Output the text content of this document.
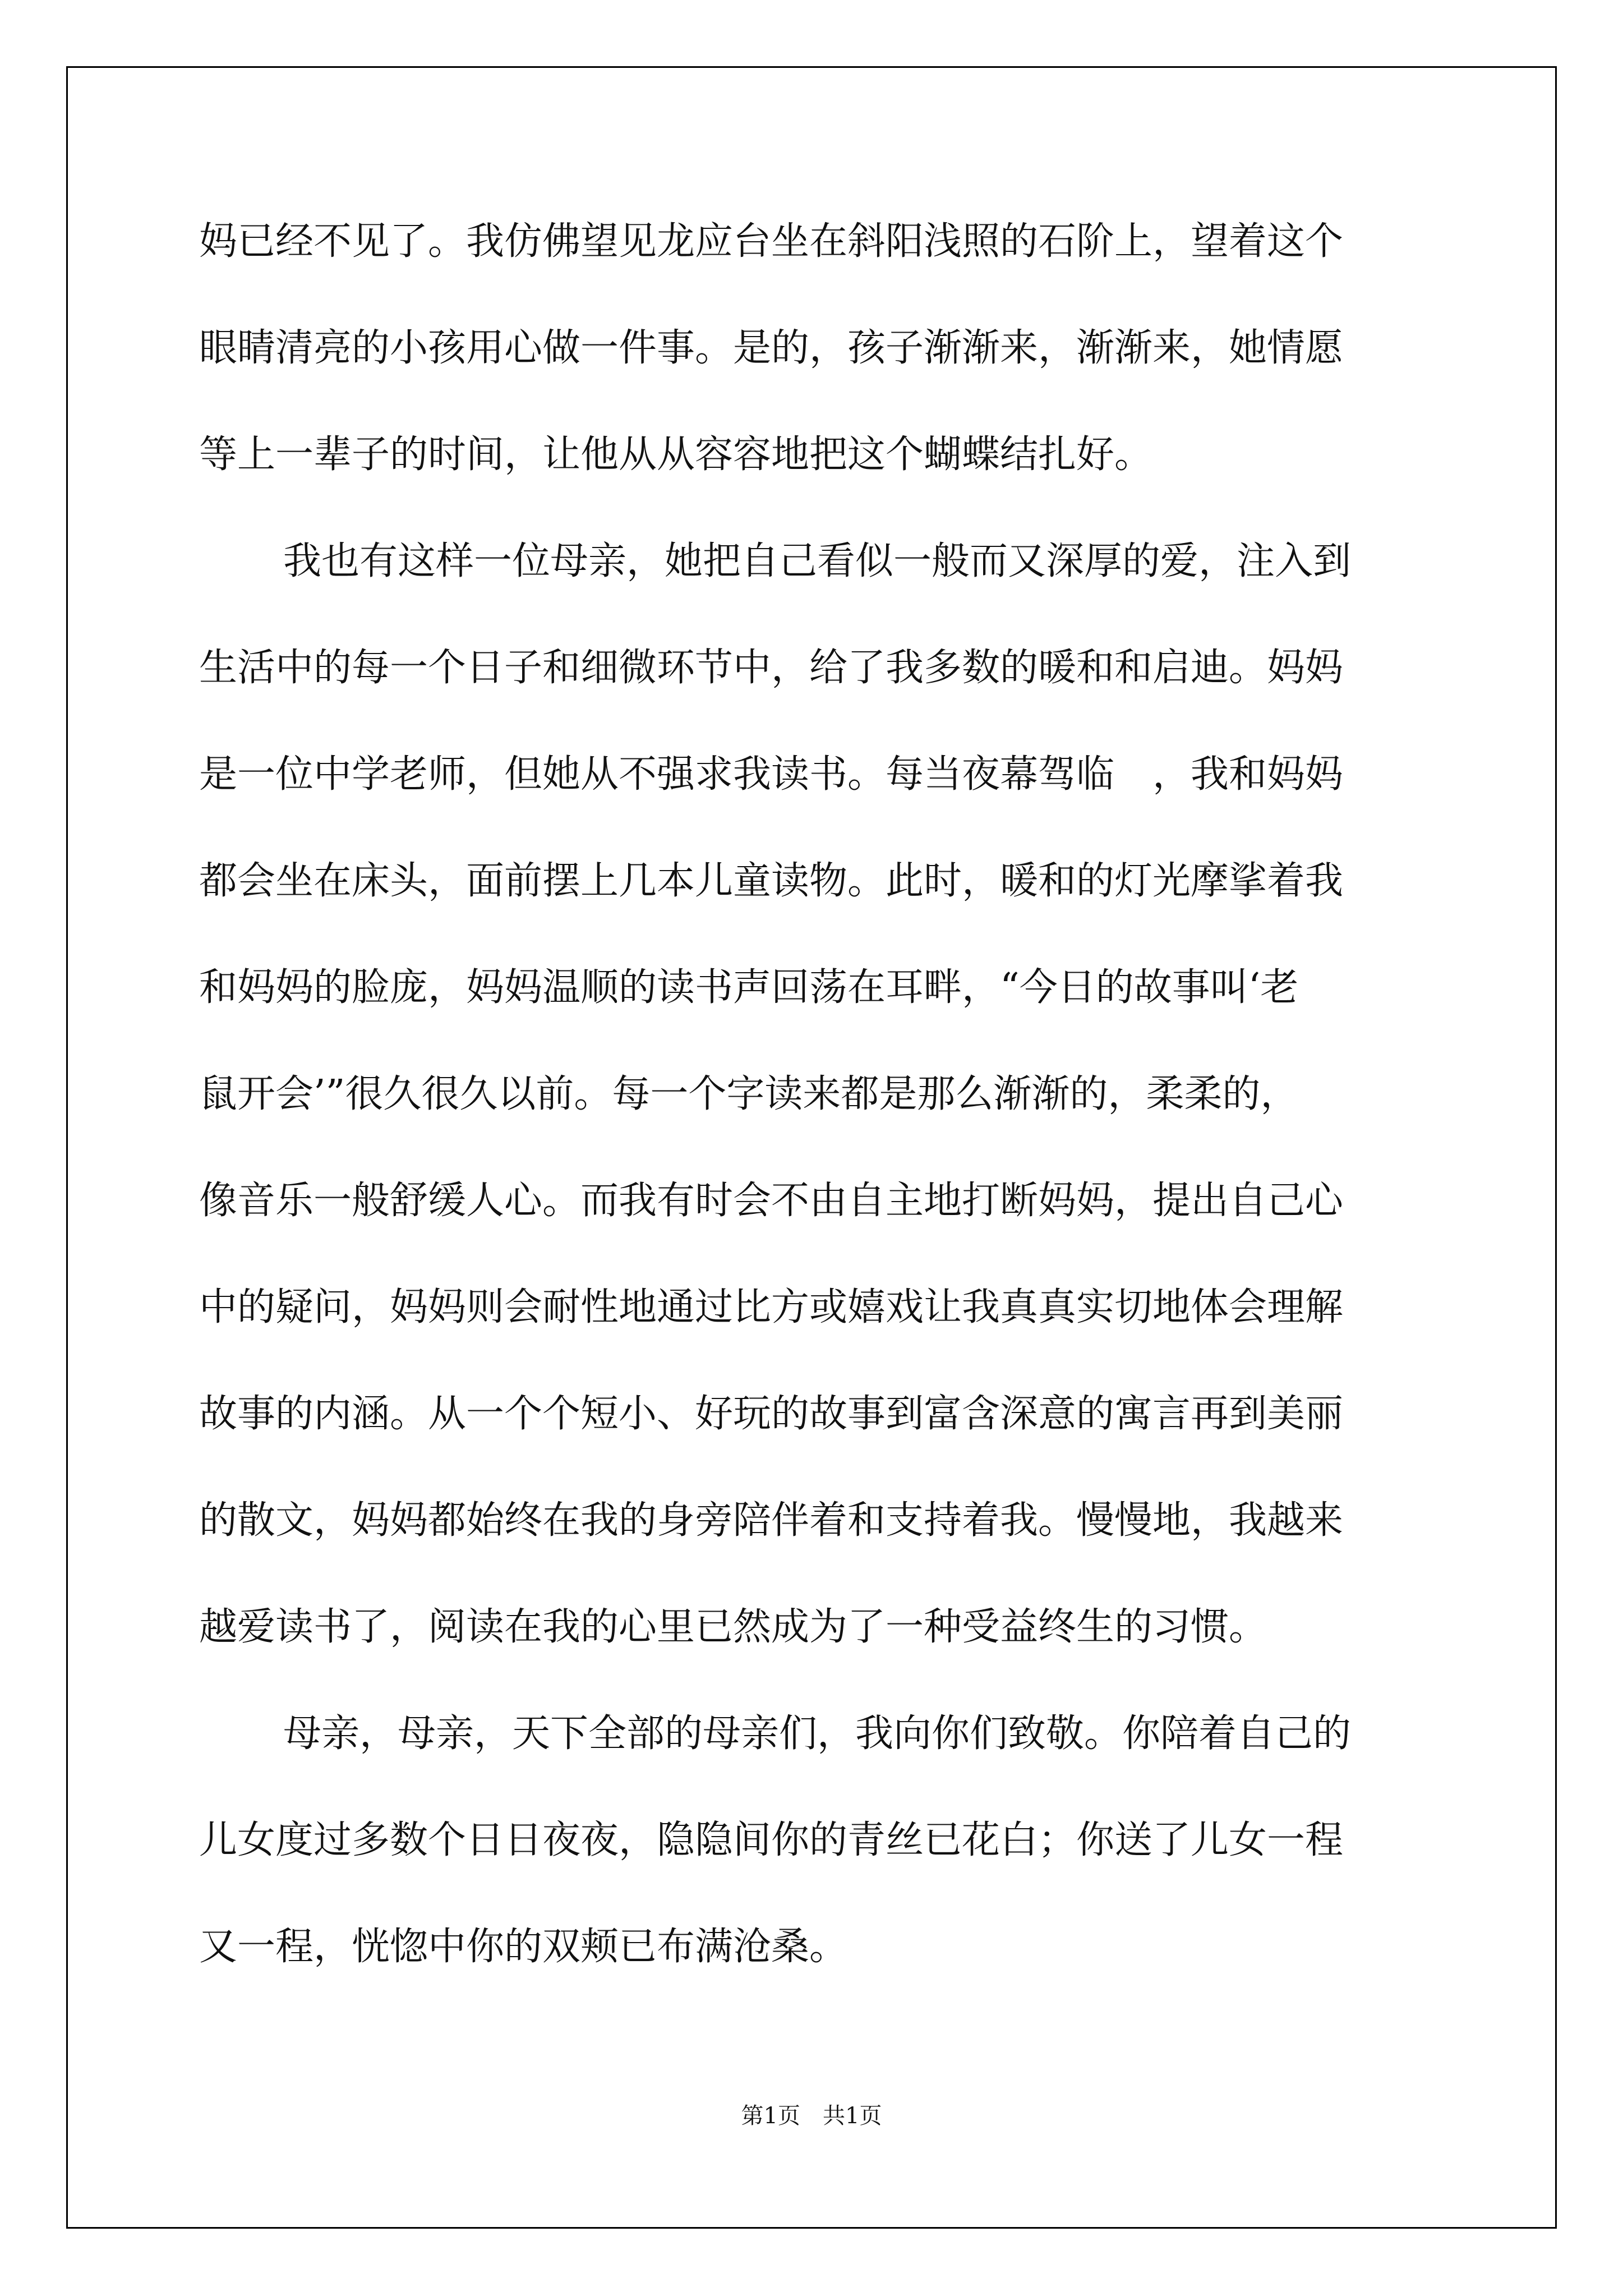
妈已经不见了。我仿佛望见龙应台坐在斜阳浅照的石阶上，望着这个
眼睛清亮的小孩用心做一件事。是的，孩子渐渐来，渐渐来，她情愿
等上一辈子的时间，让他从从容容地把这个蝴蝶结扎好。
我也有这样一位母亲，她把自己看似一般而又深厚的爱，注入到
生活中的每一个日子和细微环节中，给了我多数的暖和和启迪。妈妈
是一位中学老师，但她从不强求我读书。每当夜幕驾临　，我和妈妈
都会坐在床头，面前摆上几本儿童读物。此时，暖和的灯光摩挲着我
和妈妈的脸庞，妈妈温顺的读书声回荡在耳畔，“今日的故事叫‘老
鼠开会’”很久很久以前。每一个字读来都是那么渐渐的，柔柔的，
像音乐一般舒缓人心。而我有时会不由自主地打断妈妈，提出自己心
中的疑问，妈妈则会耐性地通过比方或嬉戏让我真真实切地体会理解
故事的内涵。从一个个短小、好玩的故事到富含深意的寓言再到美丽
的散文，妈妈都始终在我的身旁陪伴着和支持着我。慢慢地，我越来
越爱读书了，阅读在我的心里已然成为了一种受益终生的习惯。
母亲，母亲，天下全部的母亲们，我向你们致敬。你陪着自己的
儿女度过多数个日日夜夜，隐隐间你的青丝已花白；你送了儿女一程
又一程，恍惚中你的双颊已布满沧桑。
第1页　共1页
